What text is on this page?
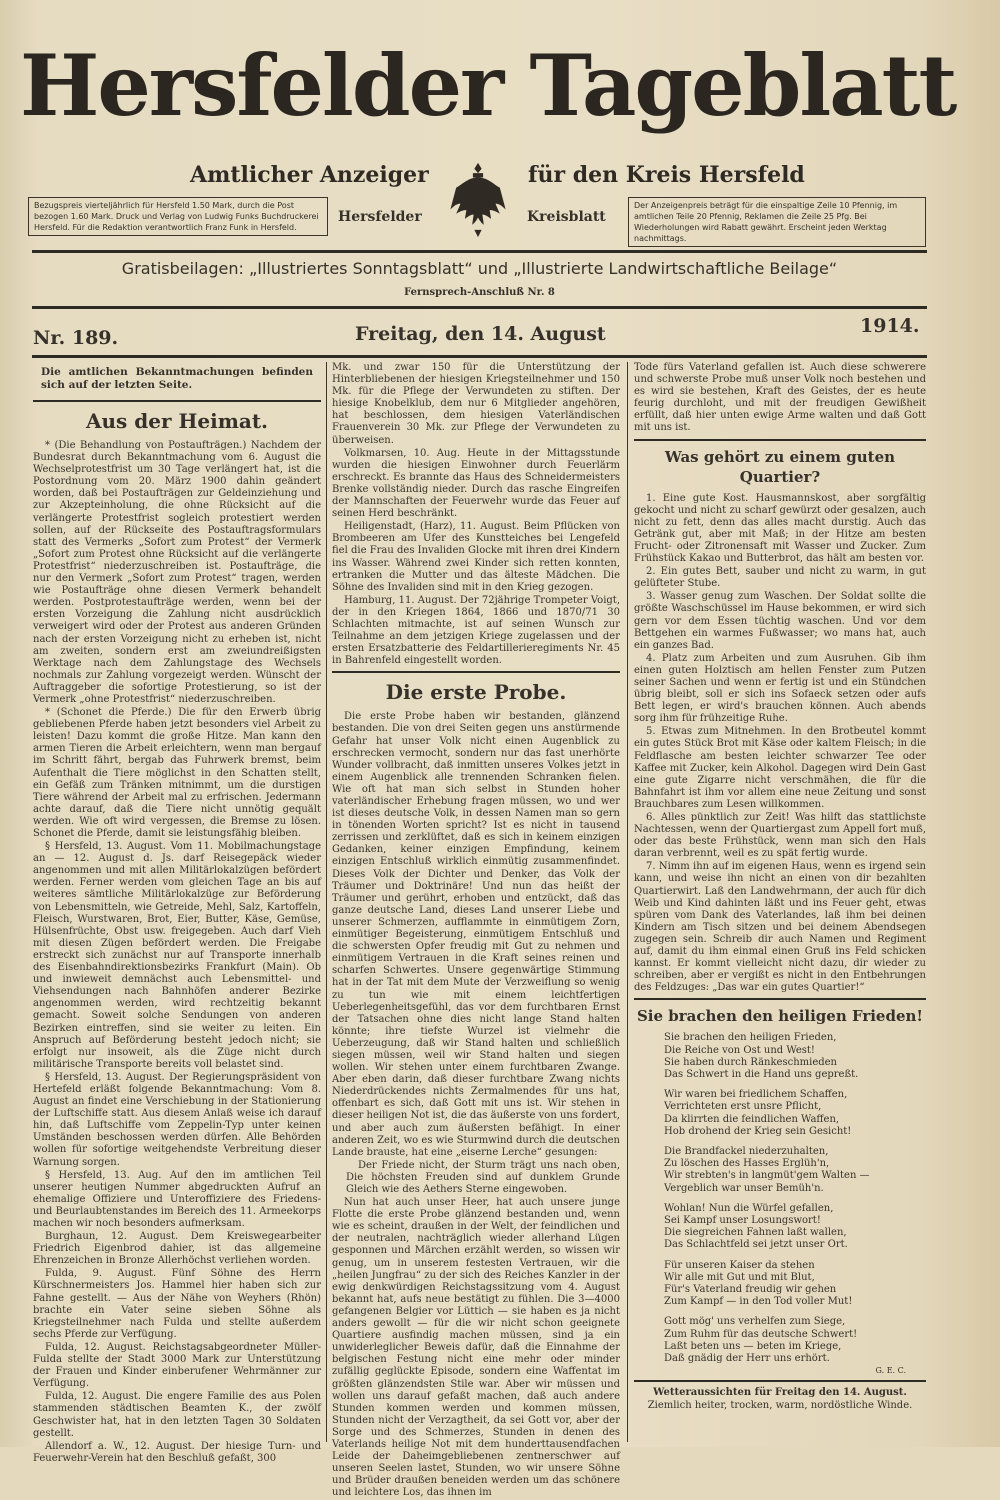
Hersfelder Tageblatt
Amtlicher Anzeiger	für den Kreis Hersfeld
Bezugspreis vierteljährlich für Hersfeld 1.50 Mark, durch die Post bezogen 1.60 Mark. Druck und Verlag von Ludwig Funks Buchdruckerei Hersfeld. Für die Redaktion verantwortlich Franz Funk in Hersfeld.
Der Anzeigenpreis beträgt für die einspaltige Zeile 10 Pfennig, im amtlichen Teile 20 Pfennig, Reklamen die Zeile 25 Pfg. Bei Wiederholungen wird Rabatt gewährt. Erscheint jeden Werktag nachmittags.
Hersfelder	Kreisblatt
Gratisbeilagen: „Illustriertes Sonntagsblatt“ und „Illustrierte Landwirtschaftliche Beilage“
Fernsprech-Anschluß Nr. 8
Nr. 189.	Freitag, den 14. August	1914.

Die amtlichen Bekanntmachungen befinden sich auf der letzten Seite.

Aus der Heimat.

* (Die Behandlung von Postaufträgen.) Nachdem der Bundesrat durch Bekanntmachung vom 6. August die Wechselprotestfrist um 30 Tage verlängert hat, ist die Postordnung vom 20. März 1900 dahin geändert worden, daß bei Postaufträgen zur Geldeinziehung und zur Akzepteinholung, die ohne Rücksicht auf die verlängerte Protestfrist sogleich protestiert werden sollen, auf der Rückseite des Postauftragsformulars statt des Vermerks „Sofort zum Protest“ der Vermerk „Sofort zum Protest ohne Rücksicht auf die verlängerte Protestfrist“ niederzuschreiben ist. Postaufträge, die nur den Vermerk „Sofort zum Protest“ tragen, werden wie Postaufträge ohne diesen Vermerk behandelt werden. Postprotestaufträge werden, wenn bei der ersten Vorzeigung die Zahlung nicht ausdrücklich verweigert wird oder der Protest aus anderen Gründen nach der ersten Vorzeigung nicht zu erheben ist, nicht am zweiten, sondern erst am zweiundreißigsten Werktage nach dem Zahlungstage des Wechsels nochmals zur Zahlung vorgezeigt werden. Wünscht der Auftraggeber die sofortige Protestierung, so ist der Vermerk „ohne Protestfrist“ niederzuschreiben.

* (Schonet die Pferde.) Die für den Erwerb übrig gebliebenen Pferde haben jetzt besonders viel Arbeit zu leisten! Dazu kommt die große Hitze. Man kann den armen Tieren die Arbeit erleichtern, wenn man bergauf im Schritt fährt, bergab das Fuhrwerk bremst, beim Aufenthalt die Tiere möglichst in den Schatten stellt, ein Gefäß zum Tränken mitnimmt, um die durstigen Tiere während der Arbeit mal zu erfrischen. Jedermann achte darauf, daß die Tiere nicht unnötig gequält werden. Wie oft wird vergessen, die Bremse zu lösen. Schonet die Pferde, damit sie leistungsfähig bleiben.

§ Hersfeld, 13. August. Vom 11. Mobilmachungstage an — 12. August d. Js. darf Reisegepäck wieder angenommen und mit allen Militärlokalzügen befördert werden. Ferner werden vom gleichen Tage an bis auf weiteres sämtliche Militärlokalzüge zur Beförderung von Lebensmitteln, wie Getreide, Mehl, Salz, Kartoffeln, Fleisch, Wurstwaren, Brot, Eier, Butter, Käse, Gemüse, Hülsenfrüchte, Obst usw. freigegeben. Auch darf Vieh mit diesen Zügen befördert werden. Die Freigabe erstreckt sich zunächst nur auf Transporte innerhalb des Eisenbahndirektionsbezirks Frankfurt (Main). Ob und inwieweit demnächst auch Lebensmittel- und Viehsendungen nach Bahnhöfen anderer Bezirke angenommen werden, wird rechtzeitig bekannt gemacht. Soweit solche Sendungen von anderen Bezirken eintreffen, sind sie weiter zu leiten. Ein Anspruch auf Beförderung besteht jedoch nicht; sie erfolgt nur insoweit, als die Züge nicht durch militärische Transporte bereits voll belastet sind.

§ Hersfeld, 13. August. Der Regierungspräsident von Hertefeld erläßt folgende Bekanntmachung: Vom 8. August an findet eine Verschiebung in der Stationierung der Luftschiffe statt. Aus diesem Anlaß weise ich darauf hin, daß Luftschiffe vom Zeppelin-Typ unter keinen Umständen beschossen werden dürfen. Alle Behörden wollen für sofortige weitgehendste Verbreitung dieser Warnung sorgen.

§ Hersfeld, 13. Aug. Auf den im amtlichen Teil unserer heutigen Nummer abgedruckten Aufruf an ehemalige Offiziere und Unteroffiziere des Friedens- und Beurlaubtenstandes im Bereich des 11. Armeekorps machen wir noch besonders aufmerksam.

Burghaun, 12. August. Dem Kreiswegearbeiter Friedrich Eigenbrod dahier, ist das allgemeine Ehrenzeichen in Bronze Allerhöchst verliehen worden.

Fulda, 9. August. Fünf Söhne des Herrn Kürschnermeisters Jos. Hammel hier haben sich zur Fahne gestellt. — Aus der Nähe von Weyhers (Rhön) brachte ein Vater seine sieben Söhne als Kriegsteilnehmer nach Fulda und stellte außerdem sechs Pferde zur Verfügung.

Fulda, 12. August. Reichstagsabgeordneter Müller-Fulda stellte der Stadt 3000 Mark zur Unterstützung der Frauen und Kinder einberufener Wehrmänner zur Verfügung.

Fulda, 12. August. Die engere Familie des aus Polen stammenden städtischen Beamten K., der zwölf Geschwister hat, hat in den letzten Tagen 30 Soldaten gestellt.

Allendorf a. W., 12. August. Der hiesige Turn- und Feuerwehr-Verein hat den Beschluß gefaßt, 300

Mk. und zwar 150 für die Unterstützung der Hinterbliebenen der hiesigen Kriegsteilnehmer und 150 Mk. für die Pflege der Verwundeten zu stiften. Der hiesige Knobelklub, dem nur 6 Mitglieder angehören, hat beschlossen, dem hiesigen Vaterländischen Frauenverein 30 Mk. zur Pflege der Verwundeten zu überweisen.

Volkmarsen, 10. Aug. Heute in der Mittagsstunde wurden die hiesigen Einwohner durch Feuerlärm erschreckt. Es brannte das Haus des Schneidermeisters Brenke vollständig nieder. Durch das rasche Eingreifen der Mannschaften der Feuerwehr wurde das Feuer auf seinen Herd beschränkt.

Heiligenstadt, (Harz), 11. August. Beim Pflücken von Brombeeren am Ufer des Kunstteiches bei Lengefeld fiel die Frau des Invaliden Glocke mit ihren drei Kindern ins Wasser. Während zwei Kinder sich retten konnten, ertranken die Mutter und das älteste Mädchen. Die Söhne des Invaliden sind mit in den Krieg gezogen.

Hamburg, 11. August. Der 72jährige Trompeter Voigt, der in den Kriegen 1864, 1866 und 1870/71 30 Schlachten mitmachte, ist auf seinen Wunsch zur Teilnahme an dem jetzigen Kriege zugelassen und der ersten Ersatzbatterie des Feldartillerieregiments Nr. 45 in Bahrenfeld eingestellt worden.

Die erste Probe.

Die erste Probe haben wir bestanden, glänzend bestanden. Die von drei Seiten gegen uns anstürmende Gefahr hat unser Volk nicht einen Augenblick zu erschrecken vermocht, sondern nur das fast unerhörte Wunder vollbracht, daß inmitten unseres Volkes jetzt in einem Augenblick alle trennenden Schranken fielen. Wie oft hat man sich selbst in Stunden hoher vaterländischer Erhebung fragen müssen, wo und wer ist dieses deutsche Volk, in dessen Namen man so gern in tönenden Worten spricht? Ist es nicht in tausend zerrissen und zerklüftet, daß es sich in keinem einzigen Gedanken, keiner einzigen Empfindung, keinem einzigen Entschluß wirklich einmütig zusammenfindet. Dieses Volk der Dichter und Denker, das Volk der Träumer und Doktrinäre! Und nun das heißt der Träumer und gerührt, erhoben und entzückt, daß das ganze deutsche Land, dieses Land unserer Liebe und unserer Schmerzen, aufflammte in einmütigem Zorn, einmütiger Begeisterung, einmütigem Entschluß und die schwersten Opfer freudig mit Gut zu nehmen und einmütigem Vertrauen in die Kraft seines reinen und scharfen Schwertes. Unsere gegenwärtige Stimmung hat in der Tat mit dem Mute der Verzweiflung so wenig zu tun wie mit einem leichtfertigen Ueberlegenheitsgefühl, das vor dem furchtbaren Ernst der Tatsachen ohne dies nicht lange Stand halten könnte; ihre tiefste Wurzel ist vielmehr die Ueberzeugung, daß wir Stand halten und schließlich siegen müssen, weil wir Stand halten und siegen wollen. Wir stehen unter einem furchtbaren Zwange. Aber eben darin, daß dieser furchtbare Zwang nichts Niederdrückendes nichts Zermalmendes für uns hat, offenbart es sich, daß Gott mit uns ist. Wir stehen in dieser heiligen Not ist, die das äußerste von uns fordert, und aber auch zum äußersten befähigt. In einer anderen Zeit, wo es wie Sturmwind durch die deutschen Lande brauste, hat eine „eiserne Lerche“ gesungen:

Der Friede nicht, der Sturm trägt uns nach oben, Die höchsten Freuden sind auf dunklem Grunde Gleich wie des Aethers Sterne eingewoben.

Nun hat auch unser Heer, hat auch unsere junge Flotte die erste Probe glänzend bestanden und, wenn wie es scheint, draußen in der Welt, der feindlichen und der neutralen, nachträglich wieder allerhand Lügen gesponnen und Märchen erzählt werden, so wissen wir genug, um in unserem festesten Vertrauen, wir die „heilen Jungfrau“ zu der sich des Reiches Kanzler in der ewig denkwürdigen Reichstagssitzung vom 4. August bekannt hat, aufs neue bestätigt zu fühlen. Die 3—4000 gefangenen Belgier vor Lüttich — sie haben es ja nicht anders gewollt — für die wir nicht schon geeignete Quartiere ausfindig machen müssen, sind ja ein unwiderleglicher Beweis dafür, daß die Einnahme der belgischen Festung nicht eine mehr oder minder zufällig geglückte Episode, sondern eine Waffentat im größten glänzendsten Stile war. Aber wir müssen und wollen uns darauf gefaßt machen, daß auch andere Stunden kommen werden und kommen müssen, Stunden nicht der Verzagtheit, da sei Gott vor, aber der Sorge und des Schmerzes, Stunden in denen des Vaterlands heilige Not mit dem hunderttausendfachen Leide der Daheimgebliebenen zentnerschwer auf unseren Seelen lastet, Stunden, wo wir unsere Söhne und Brüder draußen beneiden werden um das schönere und leichtere Los, das ihnen im

Tode fürs Vaterland gefallen ist. Auch diese schwerere und schwerste Probe muß unser Volk noch bestehen und es wird sie bestehen, Kraft des Geistes, der es heute feurig durchloht, und mit der freudigen Gewißheit erfüllt, daß hier unten ewige Arme walten und daß Gott mit uns ist.

Was gehört zu einem guten Quartier?

1. Eine gute Kost. Hausmannskost, aber sorgfältig gekocht und nicht zu scharf gewürzt oder gesalzen, auch nicht zu fett, denn das alles macht durstig. Auch das Getränk gut, aber mit Maß; in der Hitze am besten Frucht- oder Zitronensaft mit Wasser und Zucker. Zum Frühstück Kakao und Butterbrot, das hält am besten vor.

2. Ein gutes Bett, sauber und nicht zu warm, in gut gelüfteter Stube.

3. Wasser genug zum Waschen. Der Soldat sollte die größte Waschschüssel im Hause bekommen, er wird sich gern vor dem Essen tüchtig waschen. Und vor dem Bettgehen ein warmes Fußwasser; wo mans hat, auch ein ganzes Bad.

4. Platz zum Arbeiten und zum Ausruhen. Gib ihm einen guten Holztisch am hellen Fenster zum Putzen seiner Sachen und wenn er fertig ist und ein Stündchen übrig bleibt, soll er sich ins Sofaeck setzen oder aufs Bett legen, er wird's brauchen können. Auch abends sorg ihm für frühzeitige Ruhe.

5. Etwas zum Mitnehmen. In den Brotbeutel kommt ein gutes Stück Brot mit Käse oder kaltem Fleisch; in die Feldflasche am besten leichter schwarzer Tee oder Kaffee mit Zucker, kein Alkohol. Dagegen wird Dein Gast eine gute Zigarre nicht verschmähen, die für die Bahnfahrt ist ihm vor allem eine neue Zeitung und sonst Brauchbares zum Lesen willkommen.

6. Alles pünktlich zur Zeit! Was hilft das stattlichste Nachtessen, wenn der Quartiergast zum Appell fort muß, oder das beste Frühstück, wenn man sich den Hals daran verbrennt, weil es zu spät fertig wurde.

7. Nimm ihn auf im eigenen Haus, wenn es irgend sein kann, und weise ihn nicht an einen von dir bezahlten Quartierwirt. Laß den Landwehrmann, der auch für dich Weib und Kind dahinten läßt und ins Feuer geht, etwas spüren vom Dank des Vaterlandes, laß ihm bei deinen Kindern am Tisch sitzen und bei deinem Abendsegen zugegen sein. Schreib dir auch Namen und Regiment auf, damit du ihm einmal einen Gruß ins Feld schicken kannst. Er kommt vielleicht nicht dazu, dir wieder zu schreiben, aber er vergißt es nicht in den Entbehrungen des Feldzuges: „Das war ein gutes Quartier!“

Sie brachen den heiligen Frieden!
Sie brachen den heiligen Frieden,
Die Reiche von Ost und West!
Sie haben durch Ränkeschmieden
Das Schwert in die Hand uns gepreßt.
Wir waren bei friedlichem Schaffen,
Verrichteten erst unsre Pflicht,
Da klirrten die feindlichen Waffen,
Hob drohend der Krieg sein Gesicht!
Die Brandfackel niederzuhalten,
Zu löschen des Hasses Erglüh'n,
Wir strebten's in langmüt'gem Walten —
Vergeblich war unser Bemüh'n.
Wohlan! Nun die Würfel gefallen,
Sei Kampf unser Losungswort!
Die siegreichen Fahnen laßt wallen,
Das Schlachtfeld sei jetzt unser Ort.
Für unseren Kaiser da stehen
Wir alle mit Gut und mit Blut,
Für's Vaterland freudig wir gehen
Zum Kampf — in den Tod voller Mut!
Gott mög' uns verhelfen zum Siege,
Zum Ruhm für das deutsche Schwert!
Laßt beten uns — beten im Kriege,
Daß gnädig der Herr uns erhört.
G. E. C.
Wetteraussichten für Freitag den 14. August.
Ziemlich heiter, trocken, warm, nordöstliche Winde.
